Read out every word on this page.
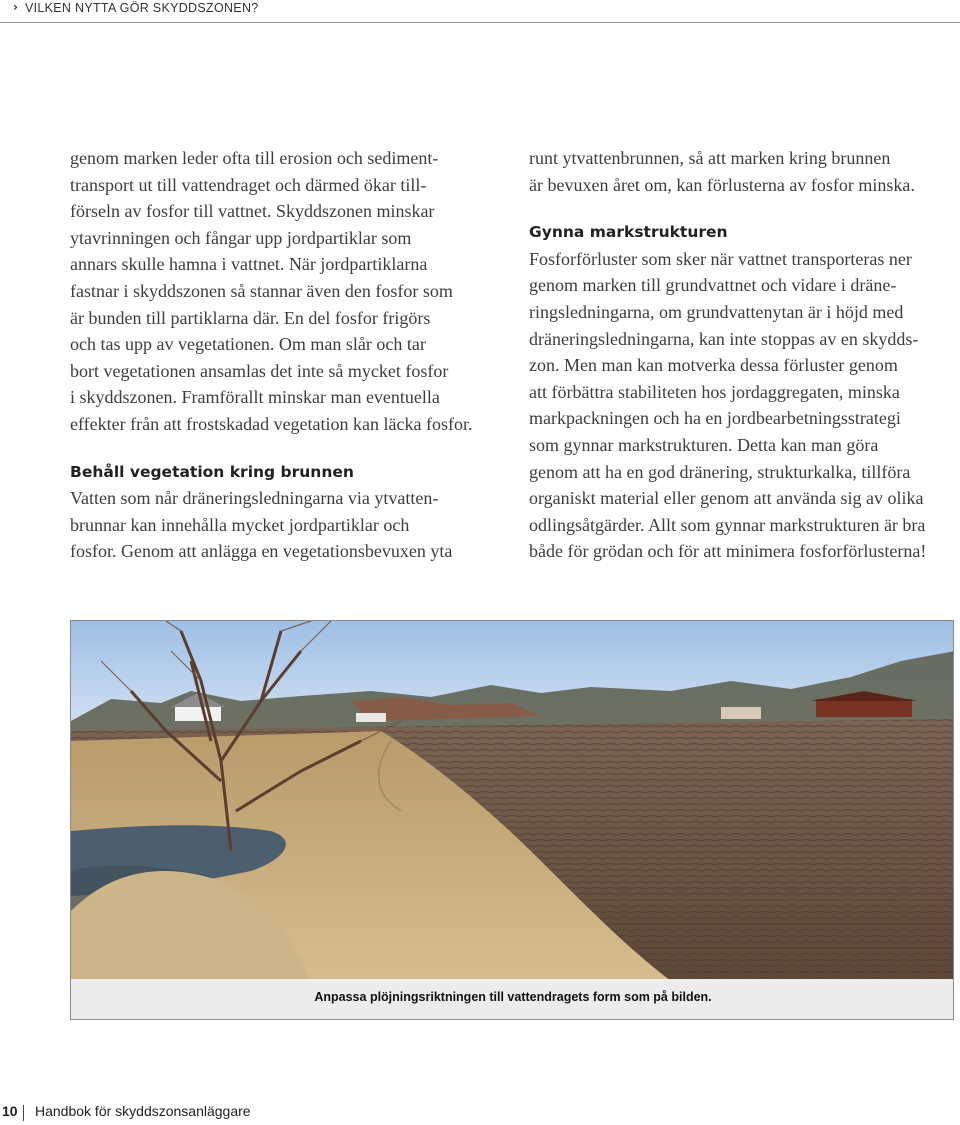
› VILKEN NYTTA GÖR SKYDDSZONEN?
genom marken leder ofta till erosion och sediment-
transport ut till vattendraget och därmed ökar till-
förseln av fosfor till vattnet. Skyddszonen minskar
ytavrinningen och fångar upp jordpartiklar som
annars skulle hamna i vattnet. När jordpartiklarna
fastnar i skyddszonen så stannar även den fosfor som
är bunden till partiklarna där. En del fosfor frigörs
och tas upp av vegetationen. Om man slår och tar
bort vegetationen ansamlas det inte så mycket fosfor
i skyddszonen. Framförallt minskar man eventuella
effekter från att frostskadad vegetation kan läcka fosfor.
Behåll vegetation kring brunnen
Vatten som når dräneringsledningarna via ytvatten-
brunnar kan innehålla mycket jordpartiklar och
fosfor. Genom att anlägga en vegetationsbevuxen yta
runt ytvattenbrunnen, så att marken kring brunnen
är bevuxen året om, kan förlusterna av fosfor minska.
Gynna markstrukturen
Fosforförluster som sker när vattnet transporteras ner
genom marken till grundvattnet och vidare i dräne-
ringsledningarna, om grundvattenytan är i höjd med
dräneringsledningarna, kan inte stoppas av en skydds-
zon. Men man kan motverka dessa förluster genom
att förbättra stabiliteten hos jordaggregaten, minska
markpackningen och ha en jordbearbetningsstrategi
som gynnar markstrukturen. Detta kan man göra
genom att ha en god dränering, strukturkalka, tillföra
organiskt material eller genom att använda sig av olika
odlingsåtgärder. Allt som gynnar markstrukturen är bra
både för grödan och för att minimera fosforförlusterna!
Anpassa plöjningsriktningen till vattendragets form som på bilden.
10 Handbok för skyddszonsanläggare
